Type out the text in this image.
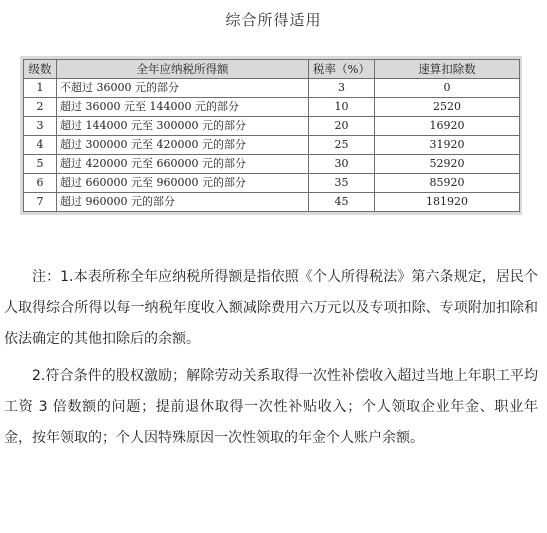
综合所得适用
级数	全年应纳税所得额	税率（%）	速算扣除数
1	不超过 36000 元的部分	3	0
2	超过 36000 元至 144000 元的部分	10	2520
3	超过 144000 元至 300000 元的部分	20	16920
4	超过 300000 元至 420000 元的部分	25	31920
5	超过 420000 元至 660000 元的部分	30	52920
6	超过 660000 元至 960000 元的部分	35	85920
7	超过 960000 元的部分	45	181920

注：1.本表所称全年应纳税所得额是指依照《个人所得税法》第六条规定，居民个人取得综合所得以每一纳税年度收入额减除费用六万元以及专项扣除、专项附加扣除和依法确定的其他扣除后的余额。

2.符合条件的股权激励；解除劳动关系取得一次性补偿收入超过当地上年职工平均工资 3 倍数额的问题；提前退休取得一次性补贴收入；个人领取企业年金、职业年金，按年领取的；个人因特殊原因一次性领取的年金个人账户余额。
